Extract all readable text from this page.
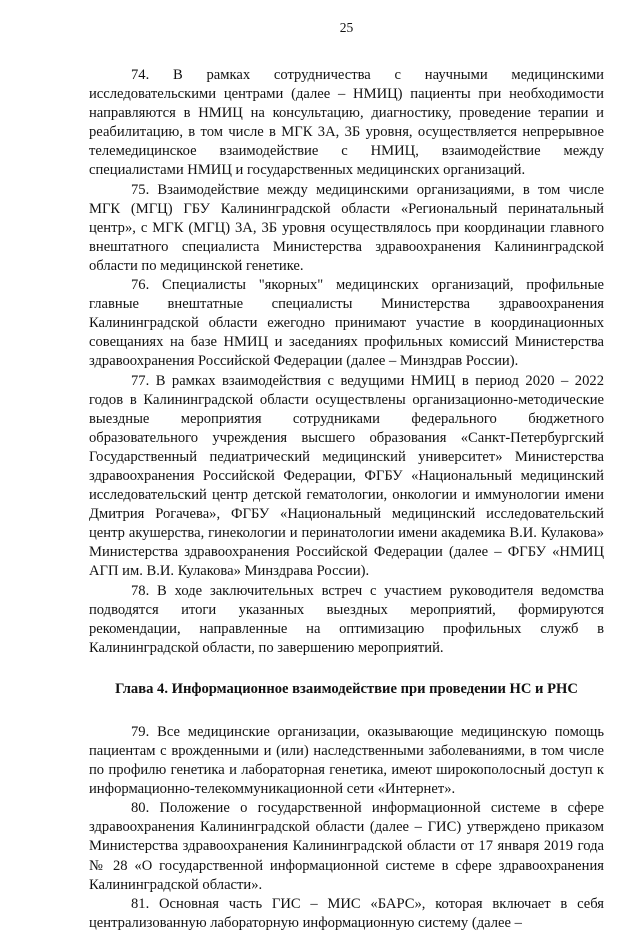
25

74. В рамках сотрудничества с научными медицинскими исследовательскими центрами (далее – НМИЦ) пациенты при необходимости направляются в НМИЦ на консультацию, диагностику, проведение терапии и реабилитацию, в том числе в МГК 3А, 3Б уровня, осуществляется непрерывное телемедицинское взаимодействие с НМИЦ, взаимодействие между специалистами НМИЦ и государственных медицинских организаций.

75. Взаимодействие между медицинскими организациями, в том числе МГК (МГЦ) ГБУ Калининградской области «Региональный перинатальный центр», с МГК (МГЦ) 3А, 3Б уровня осуществлялось при координации главного внештатного специалиста Министерства здравоохранения Калининградской области по медицинской генетике.

76. Специалисты "якорных" медицинских организаций, профильные главные внештатные специалисты Министерства здравоохранения Калининградской области ежегодно принимают участие в координационных совещаниях на базе НМИЦ и заседаниях профильных комиссий Министерства здравоохранения Российской Федерации (далее – Минздрав России).

77. В рамках взаимодействия с ведущими НМИЦ в период 2020 – 2022 годов в Калининградской области осуществлены организационно-методические выездные мероприятия сотрудниками федерального бюджетного образовательного учреждения высшего образования «Санкт-Петербургский Государственный педиатрический медицинский университет» Министерства здравоохранения Российской Федерации, ФГБУ «Национальный медицинский исследовательский центр детской гематологии, онкологии и иммунологии имени Дмитрия Рогачева», ФГБУ «Национальный медицинский исследовательский центр акушерства, гинекологии и перинатологии имени академика В.И. Кулакова» Министерства здравоохранения Российской Федерации (далее – ФГБУ «НМИЦ АГП им. В.И. Кулакова» Минздрава России).

78. В ходе заключительных встреч с участием руководителя ведомства подводятся итоги указанных выездных мероприятий, формируются рекомендации, направленные на оптимизацию профильных служб в Калининградской области, по завершению мероприятий.

Глава 4. Информационное взаимодействие при проведении НС и РНС

79. Все медицинские организации, оказывающие медицинскую помощь пациентам с врожденными и (или) наследственными заболеваниями, в том числе по профилю генетика и лабораторная генетика, имеют широкополосный доступ к информационно-телекоммуникационной сети «Интернет».

80. Положение о государственной информационной системе в сфере здравоохранения Калининградской области (далее – ГИС) утверждено приказом Министерства здравоохранения Калининградской области от 17 января 2019 года № 28 «О государственной информационной системе в сфере здравоохранения Калининградской области».

81. Основная часть ГИС – МИС «БАРС», которая включает в себя централизованную лабораторную информационную систему (далее –
